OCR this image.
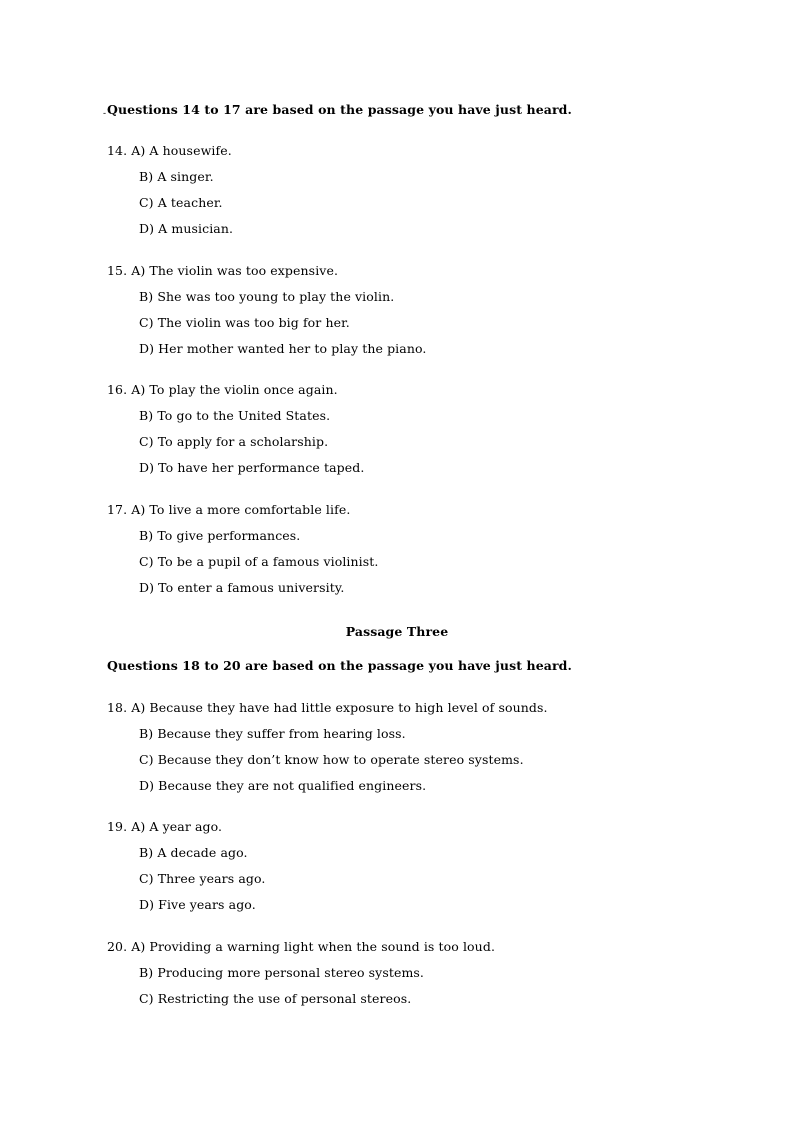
- Questions 14 to 17 are based on the passage you have just heard.
14. A) A housewife.
B) A singer.
C) A teacher.
D) A musician.
15. A) The violin was too expensive.
B) She was too young to play the violin.
C) The violin was too big for her.
D) Her mother wanted her to play the piano.
16. A) To play the violin once again.
B) To go to the United States.
C) To apply for a scholarship.
D) To have her performance taped.
17. A) To live a more comfortable life.
B) To give performances.
C) To be a pupil of a famous violinist.
D) To enter a famous university.
Passage Three
Questions 18 to 20 are based on the passage you have just heard.
18. A) Because they have had little exposure to high level of sounds.
B) Because they suffer from hearing loss.
C) Because they don’t know how to operate stereo systems.
D) Because they are not qualified engineers.
19. A) A year ago.
B) A decade ago.
C) Three years ago.
D) Five years ago.
20. A) Providing a warning light when the sound is too loud.
B) Producing more personal stereo systems.
C) Restricting the use of personal stereos.
